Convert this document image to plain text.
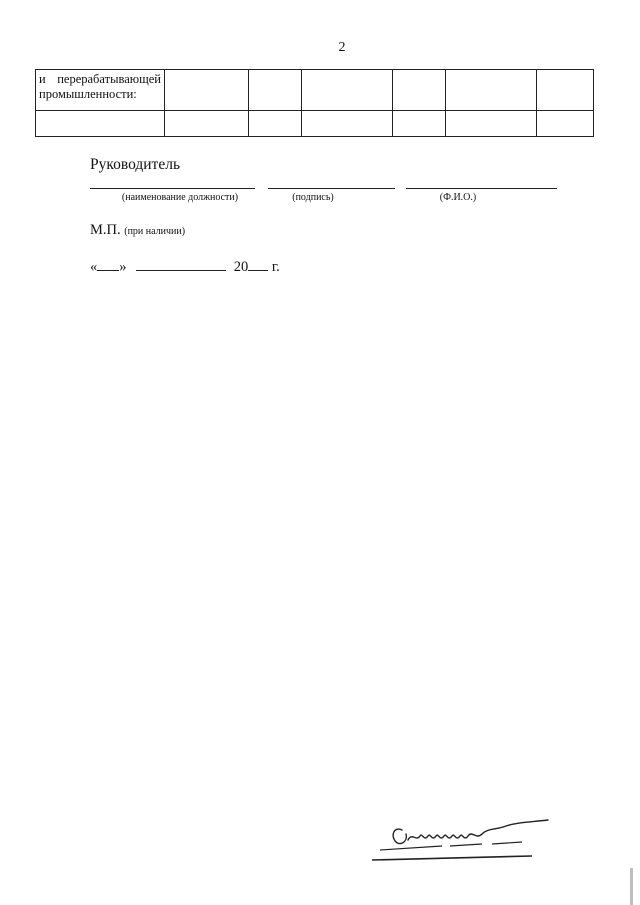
2
и перерабатывающей
промышленности:						

Руководитель
(наименование должности)	(подпись)	(Ф.И.О.)
М.П. (при наличии)
« »	20 г.
